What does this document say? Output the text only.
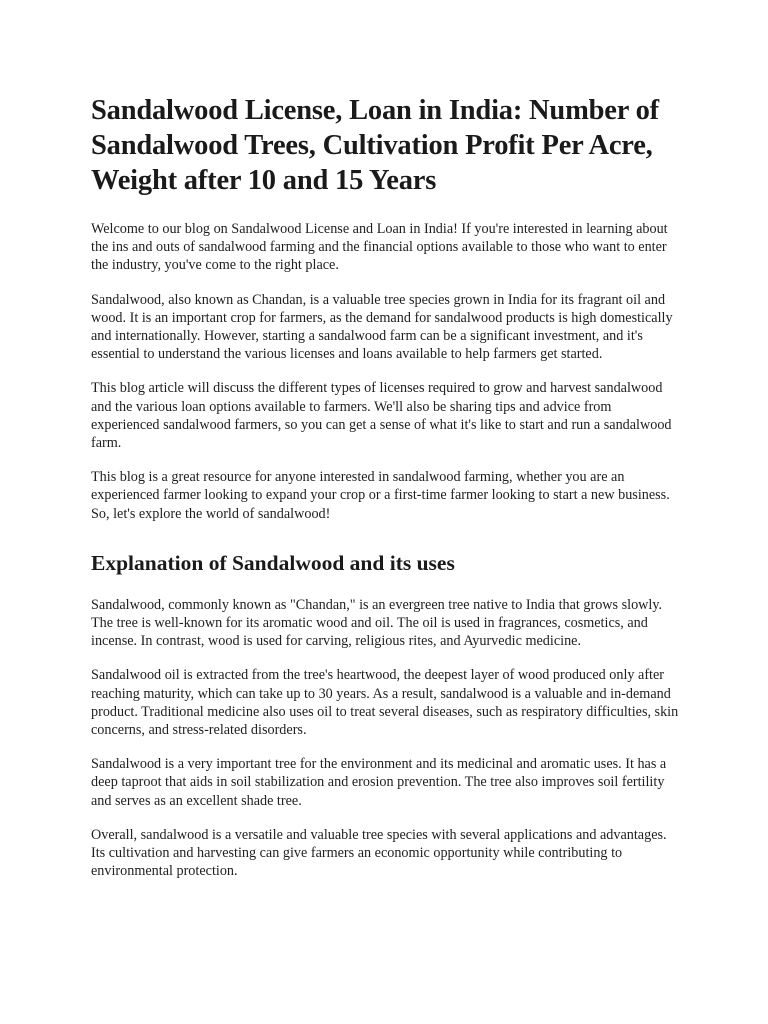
Sandalwood License, Loan in India: Number of Sandalwood Trees, Cultivation Profit Per Acre, Weight after 10 and 15 Years

Welcome to our blog on Sandalwood License and Loan in India! If you're interested in learning about the ins and outs of sandalwood farming and the financial options available to those who want to enter the industry, you've come to the right place.

Sandalwood, also known as Chandan, is a valuable tree species grown in India for its fragrant oil and wood. It is an important crop for farmers, as the demand for sandalwood products is high domestically and internationally. However, starting a sandalwood farm can be a significant investment, and it's essential to understand the various licenses and loans available to help farmers get started.

This blog article will discuss the different types of licenses required to grow and harvest sandalwood and the various loan options available to farmers. We'll also be sharing tips and advice from experienced sandalwood farmers, so you can get a sense of what it's like to start and run a sandalwood farm.

This blog is a great resource for anyone interested in sandalwood farming, whether you are an experienced farmer looking to expand your crop or a first-time farmer looking to start a new business. So, let's explore the world of sandalwood!

Explanation of Sandalwood and its uses

Sandalwood, commonly known as "Chandan," is an evergreen tree native to India that grows slowly. The tree is well-known for its aromatic wood and oil. The oil is used in fragrances, cosmetics, and incense. In contrast, wood is used for carving, religious rites, and Ayurvedic medicine.

Sandalwood oil is extracted from the tree's heartwood, the deepest layer of wood produced only after reaching maturity, which can take up to 30 years. As a result, sandalwood is a valuable and in-demand product. Traditional medicine also uses oil to treat several diseases, such as respiratory difficulties, skin concerns, and stress-related disorders.

Sandalwood is a very important tree for the environment and its medicinal and aromatic uses. It has a deep taproot that aids in soil stabilization and erosion prevention. The tree also improves soil fertility and serves as an excellent shade tree.

Overall, sandalwood is a versatile and valuable tree species with several applications and advantages. Its cultivation and harvesting can give farmers an economic opportunity while contributing to environmental protection.
